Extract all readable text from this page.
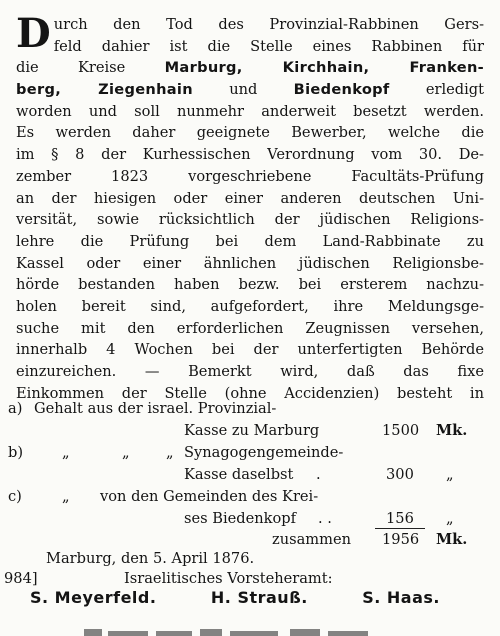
Durch den Tod des Provinzial-Rabbinen Gers-
feld dahier ist die Stelle eines Rabbinen für
die Kreise Marburg, Kirchhain, Franken-
berg, Ziegenhain und Biedenkopf erledigt
worden und soll nunmehr anderweit besetzt werden.
Es werden daher geeignete Bewerber, welche die
im § 8 der Kurhessischen Verordnung vom 30. De-
zember 1823 vorgeschriebene Facultäts-Prüfung
an der hiesigen oder einer anderen deutschen Uni-
versität, sowie rücksichtlich der jüdischen Religions-
lehre die Prüfung bei dem Land-Rabbinate zu
Kassel oder einer ähnlichen jüdischen Religionsbe-
hörde bestanden haben bezw. bei ersterem nachzu-
holen bereit sind, aufgefordert, ihre Meldungsge-
suche mit den erforderlichen Zeugnissen versehen,
innerhalb 4 Wochen bei der unterfertigten Behörde
einzureichen. — Bemerkt wird, daß das fixe
Einkommen der Stelle (ohne Accidenzien) besteht in
a) Gehalt aus der israel. Provinzial-
Kasse zu Marburg	1500 Mk.
b)	„	„ „ Synagogengemeinde-
Kasse daselbst .	300 „
c)	„ von den Gemeinden des Krei-
ses Biedenkopf . .	156 „
zusammen 1956 Mk.
Marburg, den 5. April 1876.
984]	Israelitisches Vorsteheramt:
S. Meyerfeld.	H. Strauß.	S. Haas.
